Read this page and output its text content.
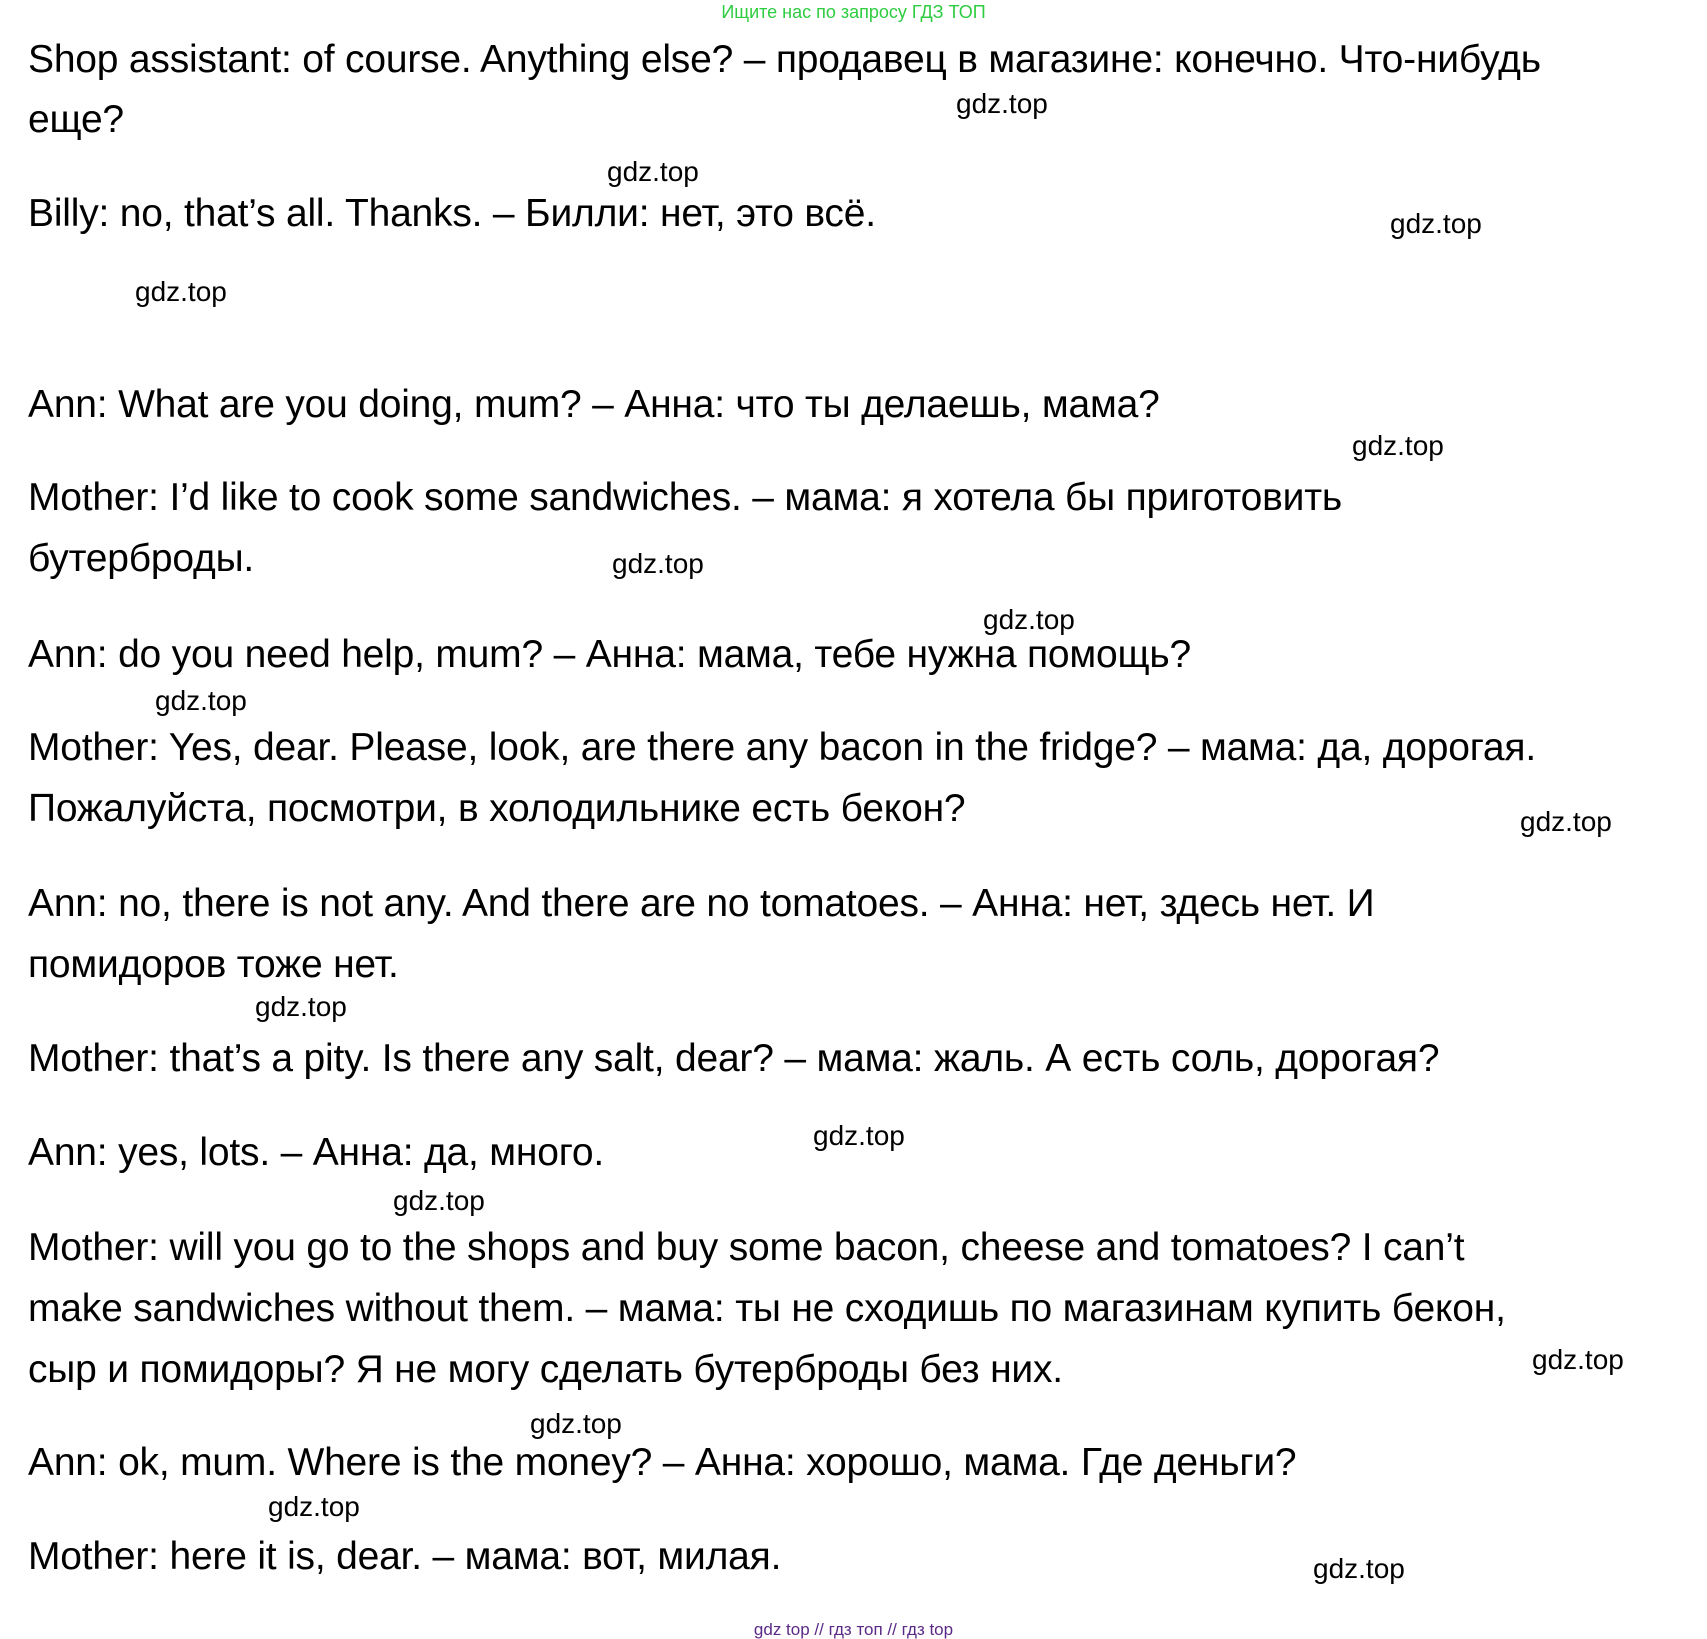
Ищите нас по запросу ГДЗ ТОП
Shop assistant: of course. Anything else? – продавец в магазине: конечно. Что-нибудь
еще?
Billy: no, that’s all. Thanks. – Билли: нет, это всё.
Ann: What are you doing, mum? – Анна: что ты делаешь, мама?
Mother: I’d like to cook some sandwiches. – мама: я хотела бы приготовить
бутерброды.
Ann: do you need help, mum? – Анна: мама, тебе нужна помощь?
Mother: Yes, dear. Please, look, are there any bacon in the fridge? – мама: да, дорогая.
Пожалуйста, посмотри, в холодильнике есть бекон?
Ann: no, there is not any. And there are no tomatoes. – Анна: нет, здесь нет. И
помидоров тоже нет.
Mother: that’s a pity. Is there any salt, dear? – мама: жаль. А есть соль, дорогая?
Ann: yes, lots. – Анна: да, много.
Mother: will you go to the shops and buy some bacon, cheese and tomatoes? I can’t
make sandwiches without them. – мама: ты не сходишь по магазинам купить бекон,
сыр и помидоры? Я не могу сделать бутерброды без них.
Ann: ok, mum. Where is the money? – Анна: хорошо, мама. Где деньги?
Mother: here it is, dear. – мама: вот, милая.
gdz.top
gdz.top
gdz.top
gdz.top
gdz.top
gdz.top
gdz.top
gdz.top
gdz.top
gdz.top
gdz.top
gdz.top
gdz.top
gdz.top
gdz.top
gdz.top
gdz top // гдз топ // гдз top
